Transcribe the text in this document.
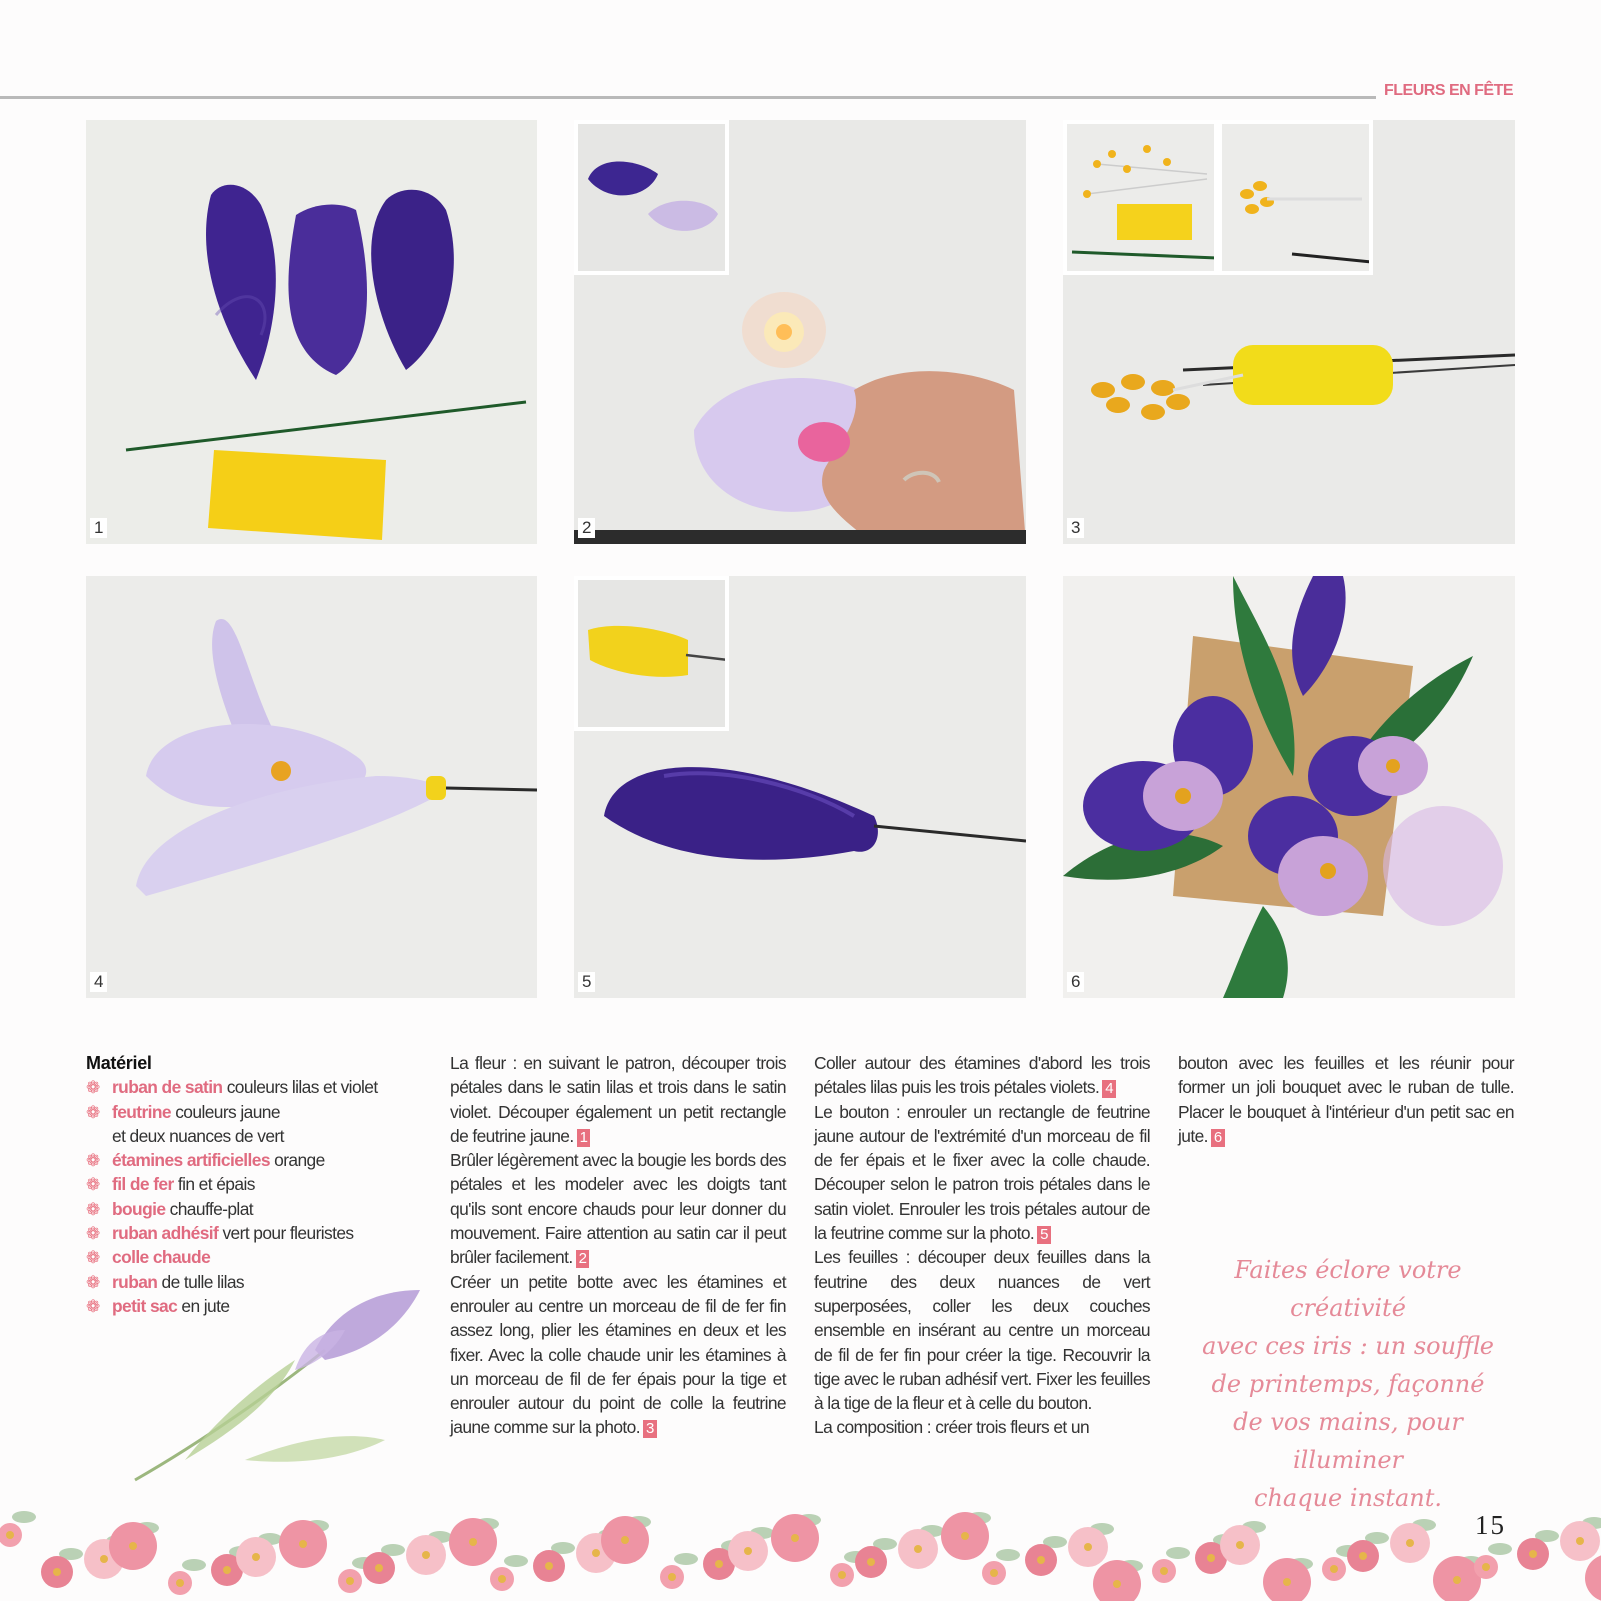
FLEURS EN FÊTE
1	2	3
4	5	6

Matériel

❁ ruban de satin couleurs lilas et violet
❁ feutrine couleurs jaune
et deux nuances de vert
❁ étamines artificielles orange
❁ fil de fer fin et épais
❁ bougie chauffe-plat
❁ ruban adhésif vert pour fleuristes
❁ colle chaude
❁ ruban de tulle lilas
❁ petit sac en jute

La fleur : en suivant le patron, découper trois pétales dans le satin lilas et trois dans le satin violet. Découper également un petit rectangle de feutrine jaune. 1

Brûler légèrement avec la bougie les bords des pétales et les modeler avec les doigts tant qu'ils sont encore chauds pour leur donner du mouvement. Faire attention au satin car il peut brûler facilement. 2

Créer un petite botte avec les étamines et enrouler au centre un morceau de fil de fer fin assez long, plier les étamines en deux et les fixer. Avec la colle chaude unir les étamines à un morceau de fil de fer épais pour la tige et enrouler autour du point de colle la feutrine jaune comme sur la photo. 3

Coller autour des étamines d'abord les trois pétales lilas puis les trois pétales violets. 4

Le bouton : enrouler un rectangle de feutrine jaune autour de l'extrémité d'un morceau de fil de fer épais et le fixer avec la colle chaude. Découper selon le patron trois pétales dans le satin violet. Enrouler les trois pétales autour de la feutrine comme sur la photo. 5

Les feuilles : découper deux feuilles dans la feutrine des deux nuances de vert superposées, coller les deux couches ensemble en insérant au centre un morceau de fil de fer fin pour créer la tige. Recouvrir la tige avec le ruban adhésif vert. Fixer les feuilles à la tige de la fleur et à celle du bouton.

La composition : créer trois fleurs et un

bouton avec les feuilles et les réunir pour former un joli bouquet avec le ruban de tulle. Placer le bouquet à l'intérieur d'un petit sac en jute. 6

Faites éclore votre créativité
avec ces iris : un souffle
de printemps, façonné
de vos mains, pour illuminer
chaque instant.
15
